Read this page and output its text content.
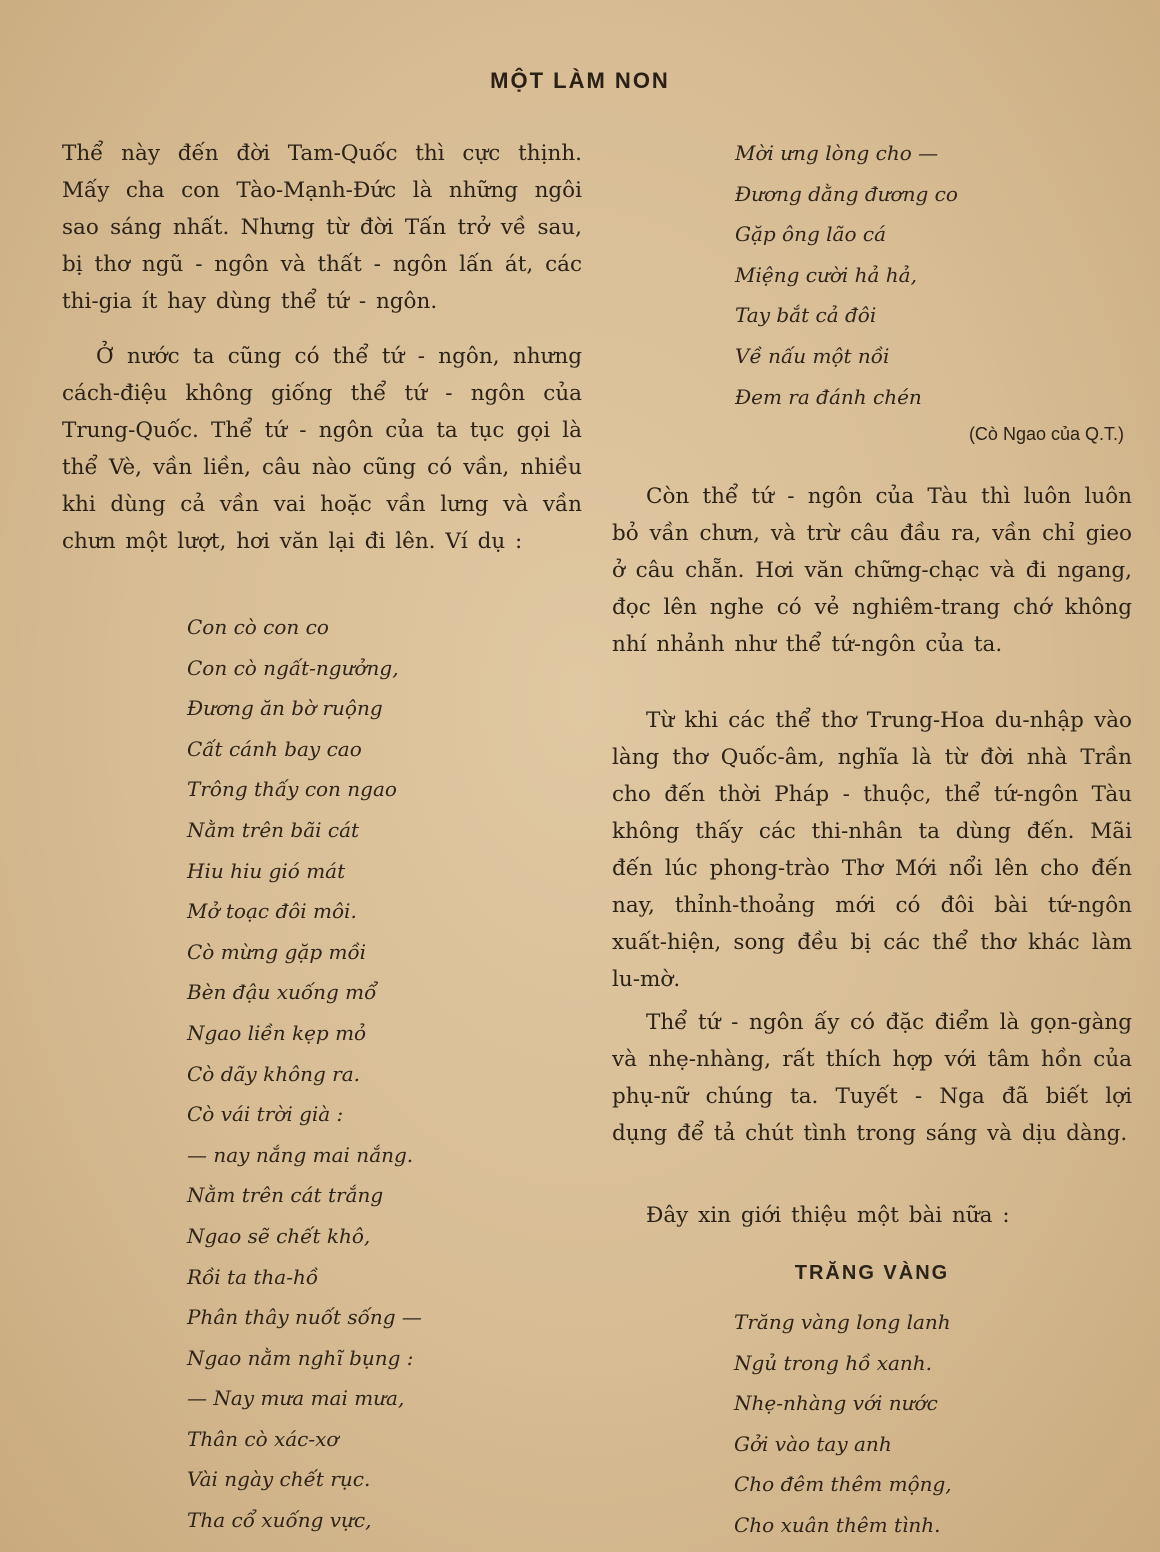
MỘT LÀM NON

Thể này đến đời Tam-Quốc thì cực thịnh. Mấy cha con Tào-Mạnh-Đức là những ngôi sao sáng nhất. Nhưng từ đời Tấn trở về sau, bị thơ ngũ - ngôn và thất - ngôn lấn át, các thi-gia ít hay dùng thể tứ - ngôn.

Ở nước ta cũng có thể tứ - ngôn, nhưng cách-điệu không giống thể tứ - ngôn của Trung-Quốc. Thể tứ - ngôn của ta tục gọi là thể Vè, vần liền, câu nào cũng có vần, nhiều khi dùng cả vần vai hoặc vần lưng và vần chưn một lượt, hơi văn lại đi lên. Ví dụ :

Con cò con co
Con cò ngất-ngưởng,
Đương ăn bờ ruộng
Cất cánh bay cao
Trông thấy con ngao
Nằm trên bãi cát
Hiu hiu gió mát
Mở toạc đôi môi.
Cò mừng gặp mồi
Bèn đậu xuống mổ
Ngao liền kẹp mỏ
Cò dãy không ra.
Cò vái trời già :
— nay nắng mai nắng.
Nằm trên cát trắng
Ngao sẽ chết khô,
Rồi ta tha-hồ
Phân thây nuốt sống —
Ngao nằm nghĩ bụng :
— Nay mưa mai mưa,
Thân cò xác-xơ
Vài ngày chết rục.
Tha cổ xuống vực,
Mời ưng lòng cho —
Đương dằng đương co
Gặp ông lão cá
Miệng cười hả hả,
Tay bắt cả đôi
Về nấu một nồi
Đem ra đánh chén
(Cò Ngao của Q.T.)

Còn thể tứ - ngôn của Tàu thì luôn luôn bỏ vần chưn, và trừ câu đầu ra, vần chỉ gieo ở câu chẵn. Hơi văn chững-chạc và đi ngang, đọc lên nghe có vẻ nghiêm-trang chớ không nhí nhảnh như thể tứ-ngôn của ta.

Từ khi các thể thơ Trung-Hoa du-nhập vào làng thơ Quốc-âm, nghĩa là từ đời nhà Trần cho đến thời Pháp - thuộc, thể tứ-ngôn Tàu không thấy các thi-nhân ta dùng đến. Mãi đến lúc phong-trào Thơ Mới nổi lên cho đến nay, thỉnh-thoảng mới có đôi bài tứ-ngôn xuất-hiện, song đều bị các thể thơ khác làm lu-mờ.

Thể tứ - ngôn ấy có đặc điểm là gọn-gàng và nhẹ-nhàng, rất thích hợp với tâm hồn của phụ-nữ chúng ta. Tuyết - Nga đã biết lợi dụng để tả chút tình trong sáng và dịu dàng.

Đây xin giới thiệu một bài nữa :

TRĂNG VÀNG
Trăng vàng long lanh
Ngủ trong hồ xanh.
Nhẹ-nhàng với nước
Gởi vào tay anh
Cho đêm thêm mộng,
Cho xuân thêm tình.
